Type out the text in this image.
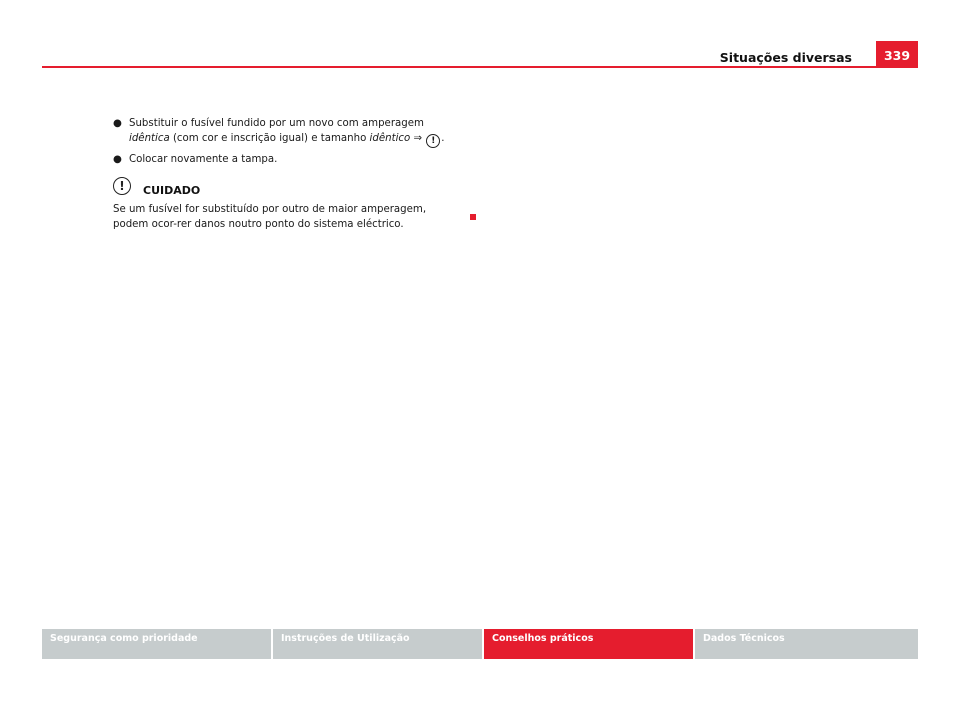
Situações diversas	339

● Substituir o fusível fundido por um novo com amperagem idêntica (com cor e inscrição igual) e tamanho idêntico ⇒ ! .

● Colocar novamente a tampa.

!	CUIDADO
Se um fusível for substituído por outro de maior amperagem, podem ocor-rer danos noutro ponto do sistema eléctrico.
Segurança como prioridade	Instruções de Utilização	Conselhos práticos	Dados Técnicos
